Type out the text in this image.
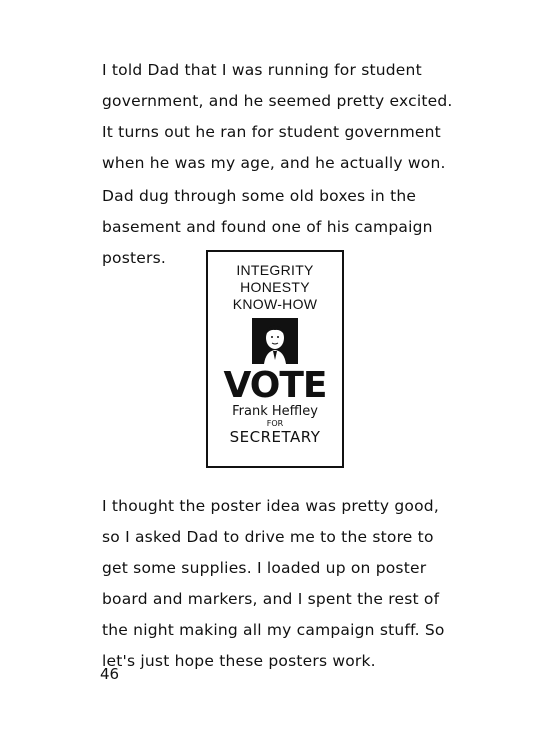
I told Dad that I was running for student government, and he seemed pretty excited. It turns out he ran for student government when he was my age, and he actually won.
Dad dug through some old boxes in the basement and found one of his campaign posters.
INTEGRITY
HONESTY
KNOW-HOW
VOTE
Frank Heffley
FOR
SECRETARY
I thought the poster idea was pretty good, so I asked Dad to drive me to the store to get some supplies. I loaded up on poster board and markers, and I spent the rest of the night making all my campaign stuff. So let's just hope these posters work.
46
